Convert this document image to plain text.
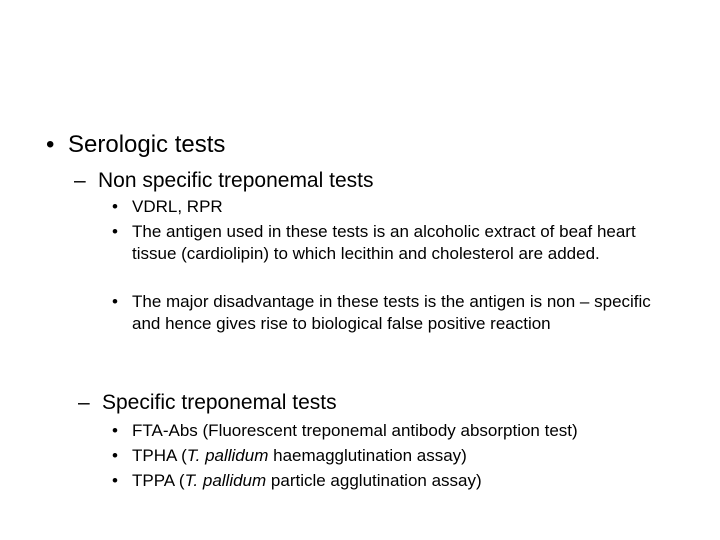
• Serologic tests
– Non specific treponemal tests
• VDRL, RPR
• The antigen used in these tests is an alcoholic extract of beaf heart tissue (cardiolipin) to which lecithin and cholesterol are added.
• The major disadvantage in these tests is the antigen is non – specific and hence gives rise to biological false positive reaction
– Specific treponemal tests
• FTA-Abs (Fluorescent treponemal antibody absorption test)
• TPHA (T. pallidum haemagglutination assay)
• TPPA (T. pallidum particle agglutination assay)
